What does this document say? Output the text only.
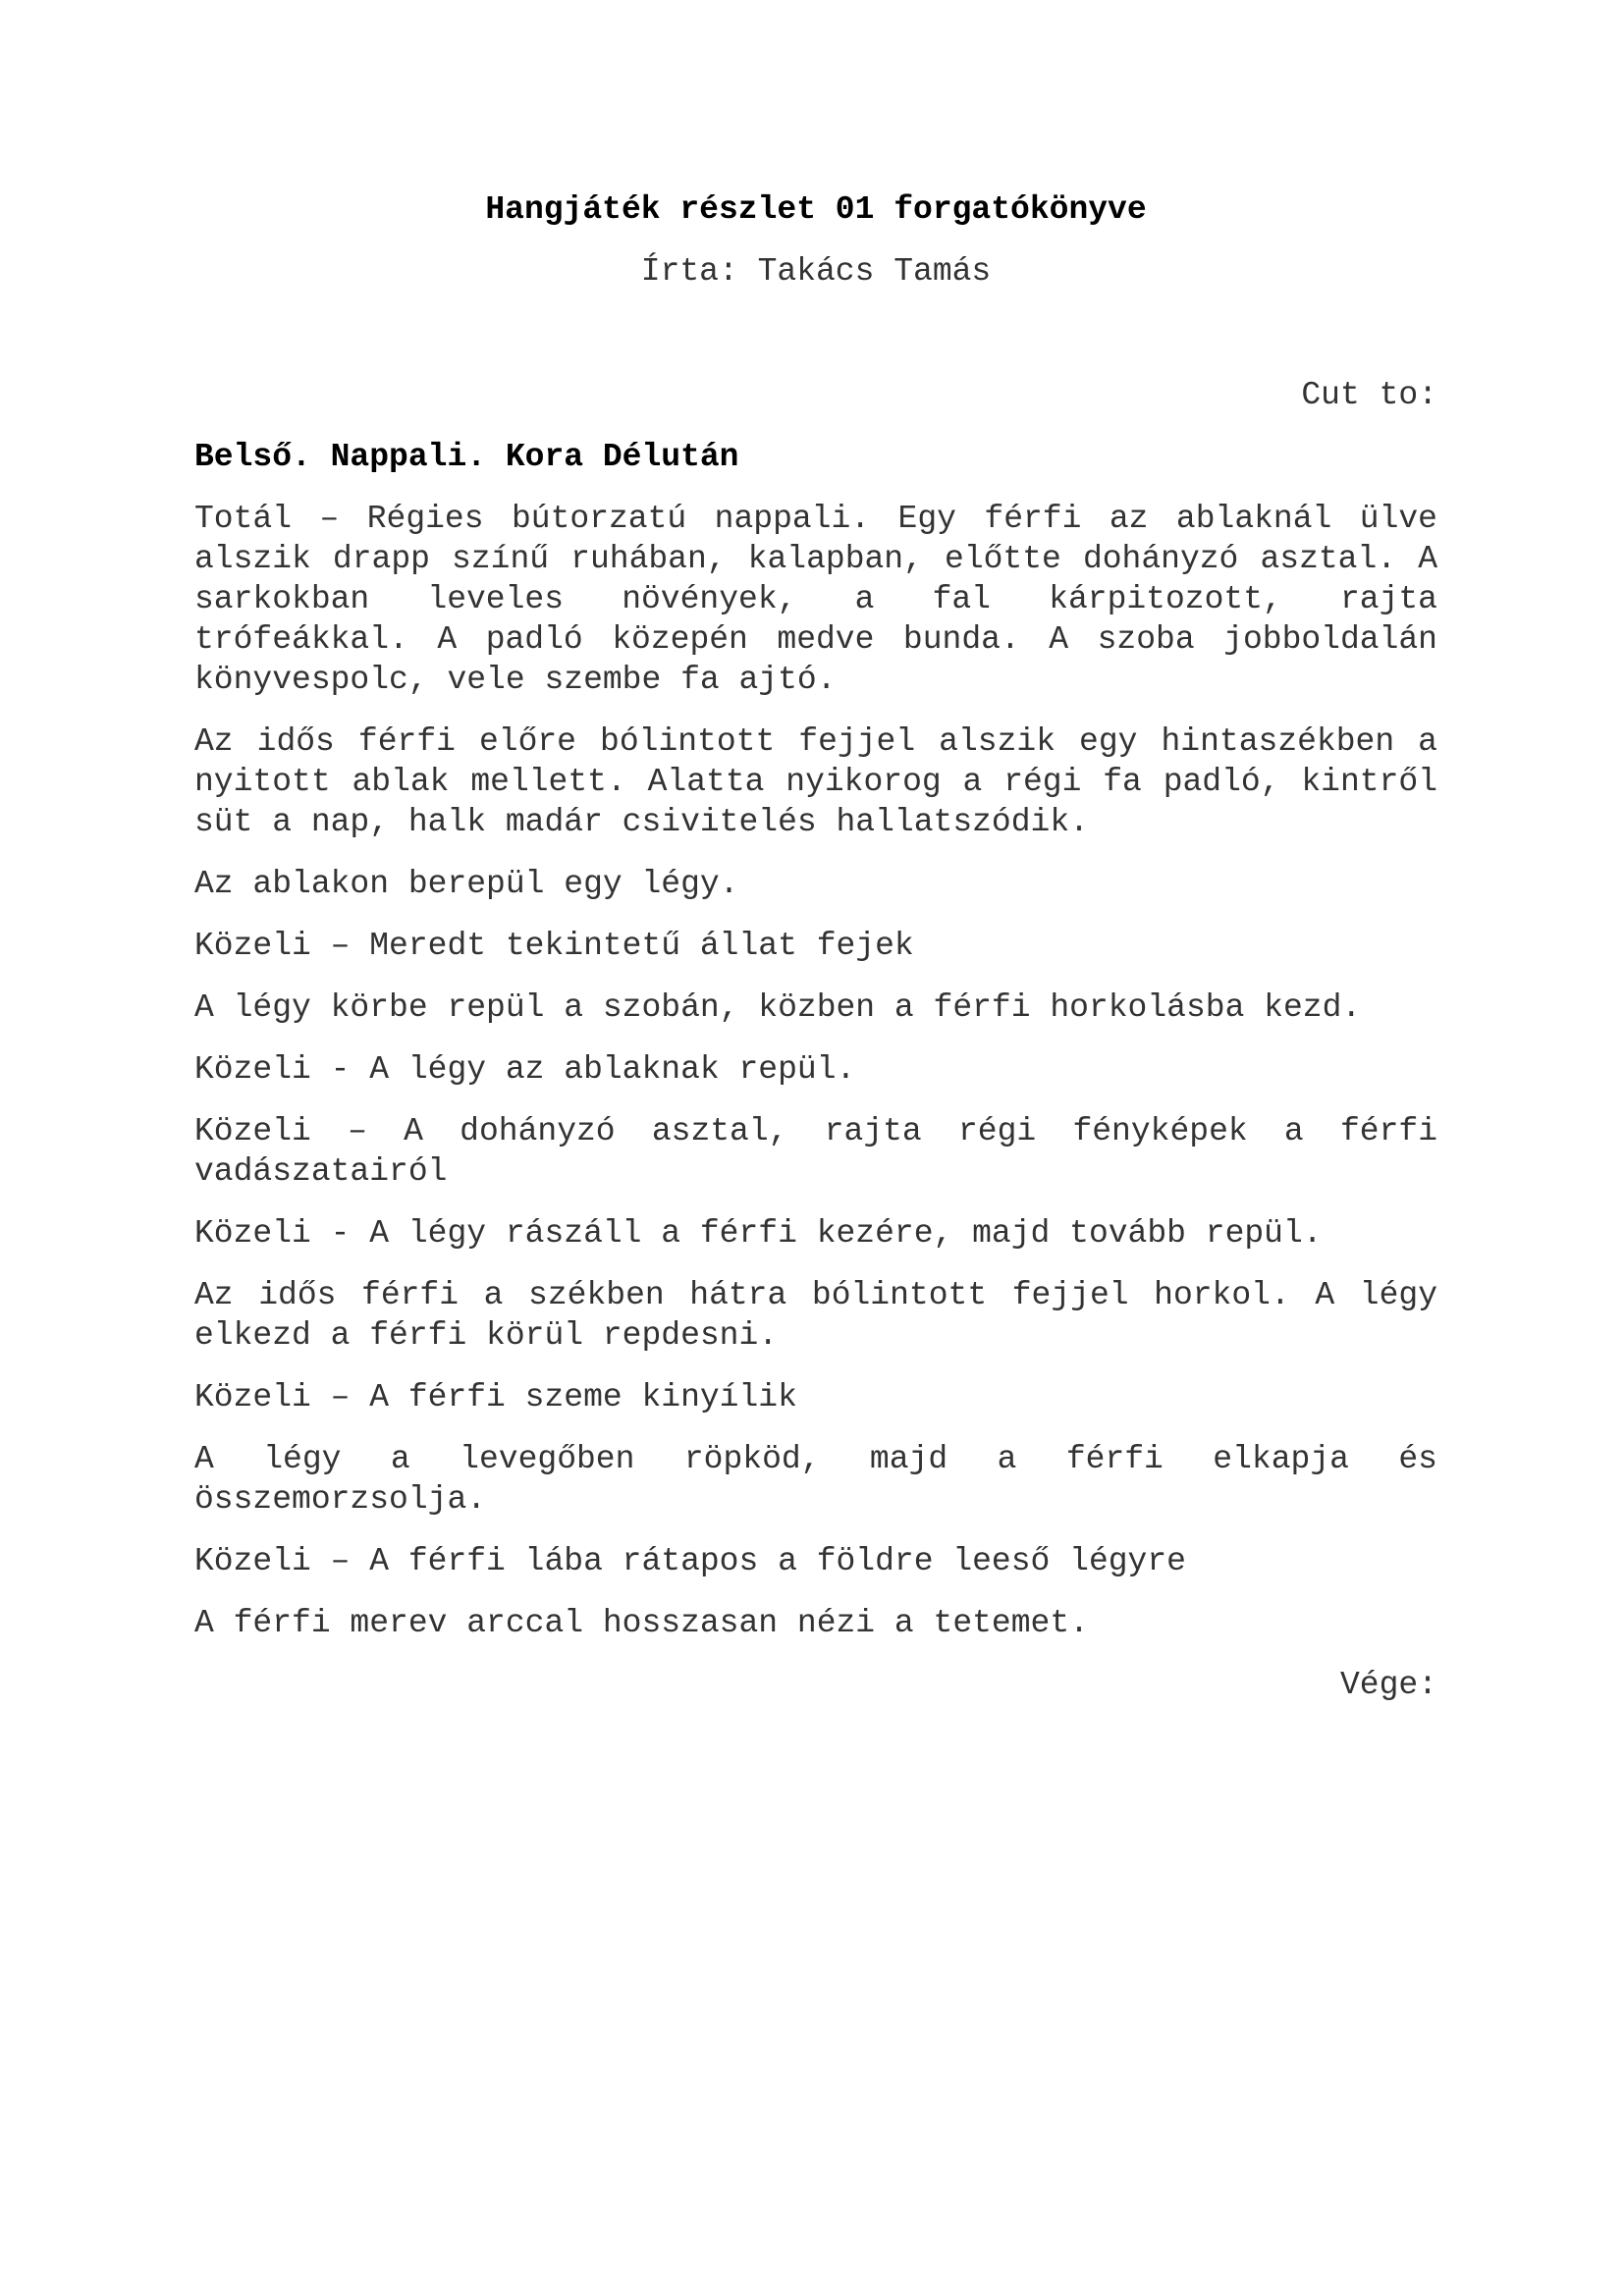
Hangjáték részlet 01 forgatókönyve

Írta: Takács Tamás

Cut to:

Belső. Nappali. Kora Délután

Totál – Régies bútorzatú nappali. Egy férfi az ablaknál ülve alszik drapp színű ruhában, kalapban, előtte dohányzó asztal. A sarkokban leveles növények, a fal kárpitozott, rajta trófeákkal. A padló közepén medve bunda. A szoba jobboldalán könyvespolc, vele szembe fa ajtó.

Az idős férfi előre bólintott fejjel alszik egy hintaszékben a nyitott ablak mellett. Alatta nyikorog a régi fa padló, kintről süt a nap, halk madár csivitelés hallatszódik.

Az ablakon berepül egy légy.

Közeli – Meredt tekintetű állat fejek

A légy körbe repül a szobán, közben a férfi horkolásba kezd.

Közeli - A légy az ablaknak repül.

Közeli – A dohányzó asztal, rajta régi fényképek a férfi vadászatairól

Közeli - A légy rászáll a férfi kezére, majd tovább repül.

Az idős férfi a székben hátra bólintott fejjel horkol. A légy elkezd a férfi körül repdesni.

Közeli – A férfi szeme kinyílik

A légy a levegőben röpköd, majd a férfi elkapja és összemorzsolja.

Közeli – A férfi lába rátapos a földre leeső légyre

A férfi merev arccal hosszasan nézi a tetemet.

Vége:
